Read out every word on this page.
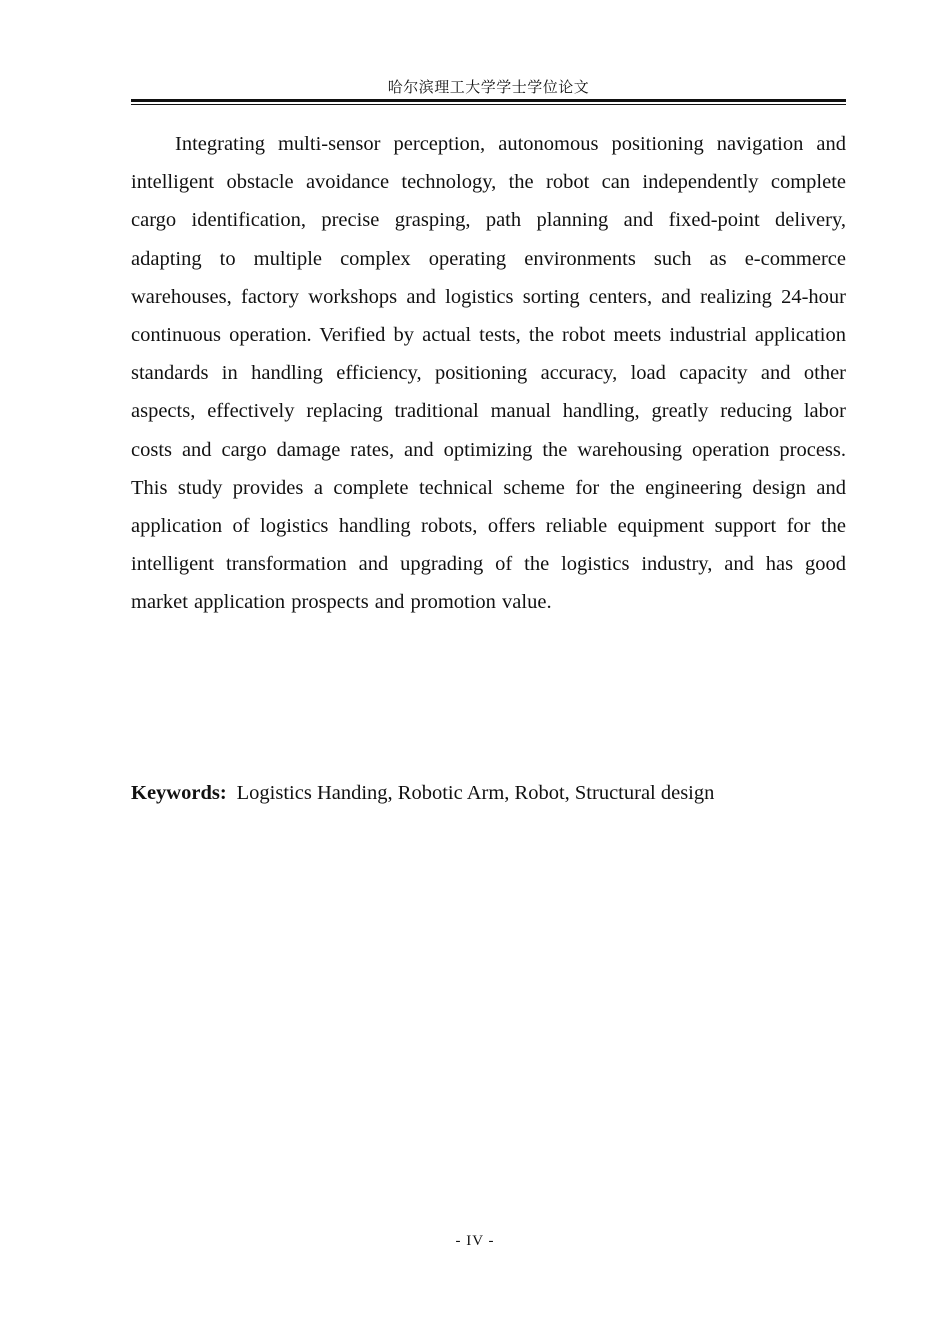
哈尔滨理工大学学士学位论文

Integrating multi-sensor perception, autonomous positioning navigation and intelligent obstacle avoidance technology, the robot can independently complete cargo identification, precise grasping, path planning and fixed-point delivery, adapting to multiple complex operating environments such as e-commerce warehouses, factory workshops and logistics sorting centers, and realizing 24-hour continuous operation. Verified by actual tests, the robot meets industrial application standards in handling efficiency, positioning accuracy, load capacity and other aspects, effectively replacing traditional manual handling, greatly reducing labor costs and cargo damage rates, and optimizing the warehousing operation process. This study provides a complete technical scheme for the engineering design and application of logistics handling robots, offers reliable equipment support for the intelligent transformation and upgrading of the logistics industry, and has good market application prospects and promotion value.

Keywords: Logistics Handing, Robotic Arm, Robot, Structural design

- IV -
